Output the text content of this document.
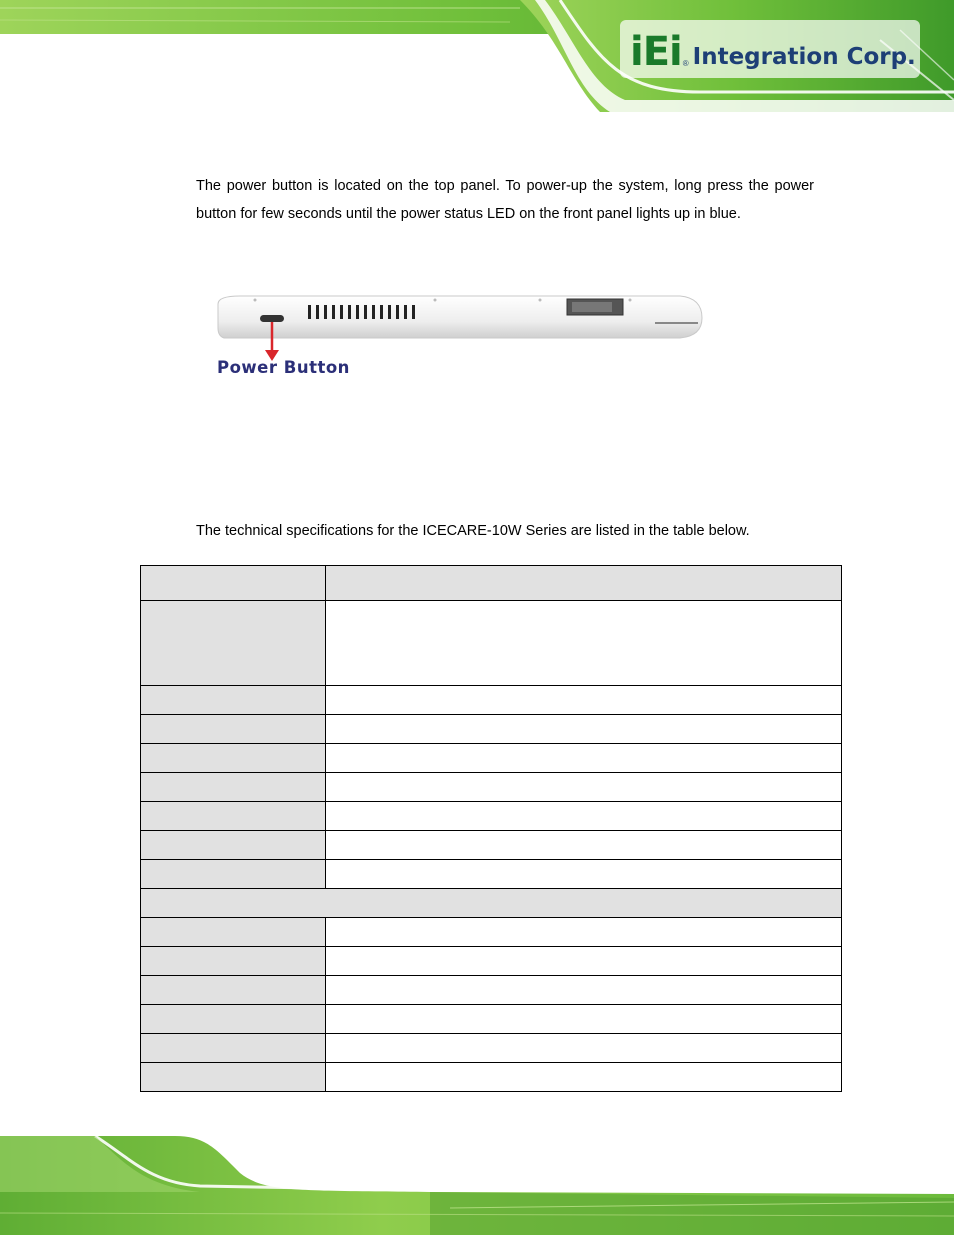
iEi ® Integration Corp.
The power button is located on the top panel. To power-up the system, long press the power button for few seconds until the power status LED on the front panel lights up in blue.
Power Button
The technical specifications for the ICECARE-10W Series are listed in the table below.
